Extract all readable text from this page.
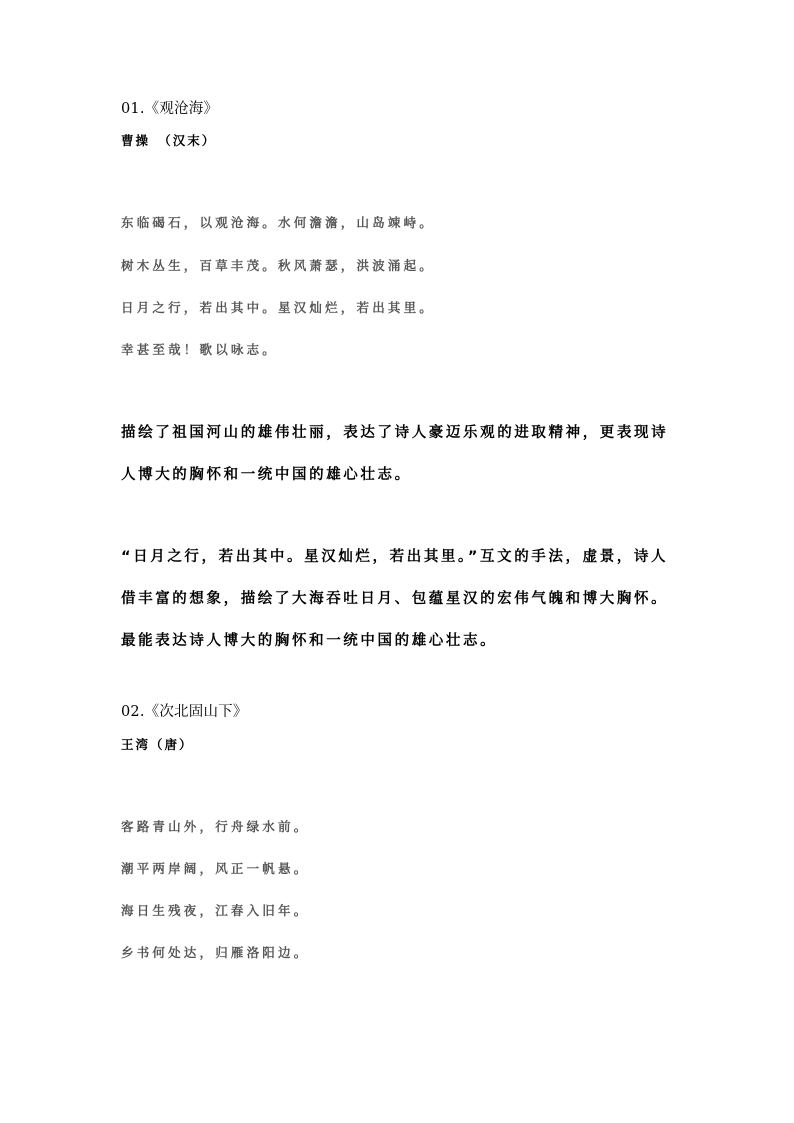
01.《观沧海》
曹操　（汉末）
东临碣石，以观沧海。水何澹澹，山岛竦峙。
树木丛生，百草丰茂。秋风萧瑟，洪波涌起。
日月之行，若出其中。星汉灿烂，若出其里。
幸甚至哉！歌以咏志。
描绘了祖国河山的雄伟壮丽，表达了诗人豪迈乐观的进取精神，更表现诗
人博大的胸怀和一统中国的雄心壮志。
“日月之行，若出其中。星汉灿烂，若出其里。”互文的手法，虚景，诗人
借丰富的想象，描绘了大海吞吐日月、包蕴星汉的宏伟气魄和博大胸怀。
最能表达诗人博大的胸怀和一统中国的雄心壮志。
02.《次北固山下》
王湾（唐）
客路青山外，行舟绿水前。
潮平两岸阔，风正一帆悬。
海日生残夜，江春入旧年。
乡书何处达，归雁洛阳边。
